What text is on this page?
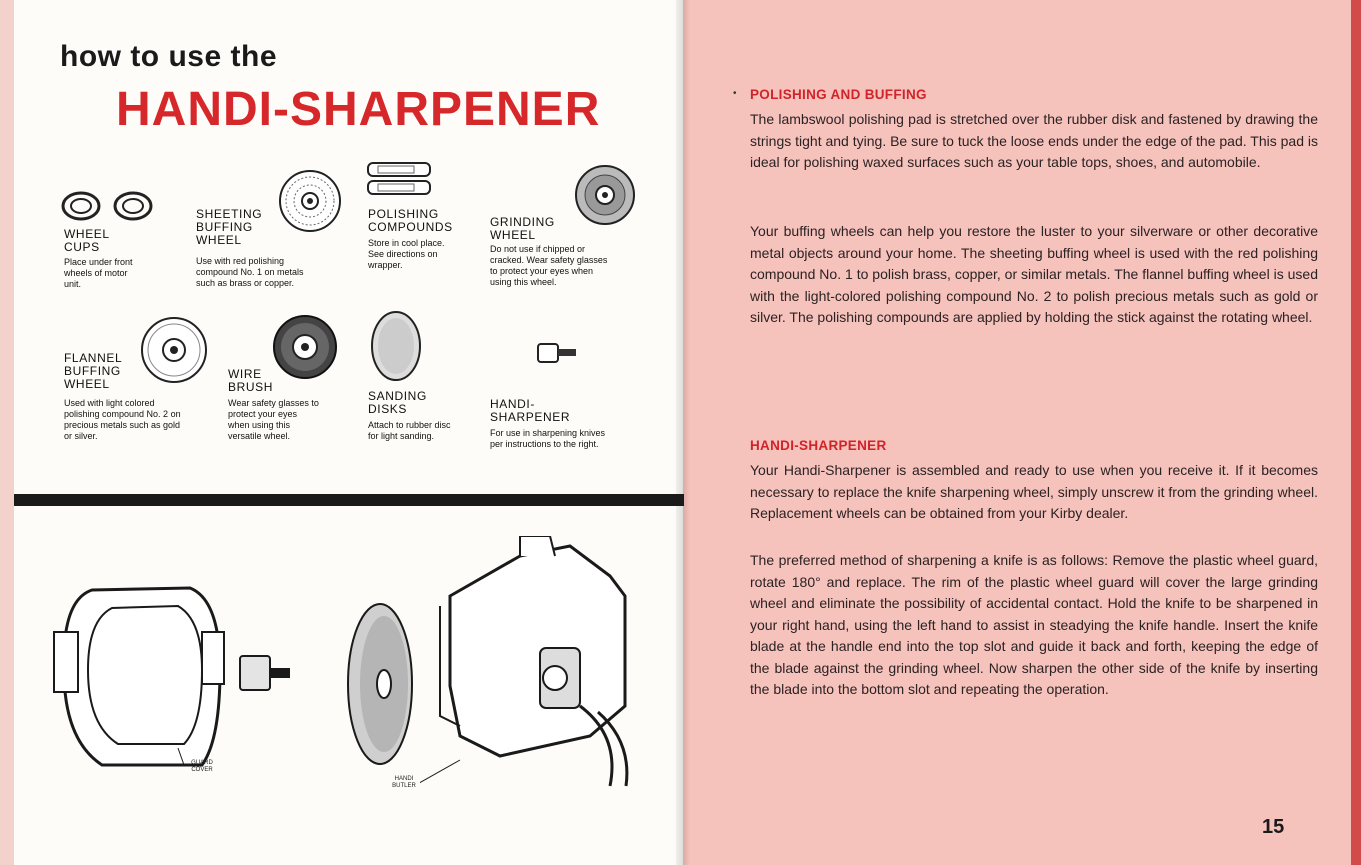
how to use the
HANDI-SHARPENER
WHEEL
CUPS
Place under front wheels of motor unit.
SHEETING
BUFFING
WHEEL
Use with red polishing compound No. 1 on metals such as brass or copper.
POLISHING
COMPOUNDS
Store in cool place. See directions on wrapper.
GRINDING
WHEEL
Do not use if chipped or cracked. Wear safety glasses to protect your eyes when using this wheel.
FLANNEL
BUFFING
WHEEL
Used with light colored polishing compound No. 2 on precious metals such as gold or silver.
WIRE
BRUSH
Wear safety glasses to protect your eyes when using this versatile wheel.
SANDING
DISKS
Attach to rubber disc for light sanding.
HANDI-
SHARPENER
For use in sharpening knives per instructions to the right.
GUARD
COVER
HANDI
BUTLER
• POLISHING AND BUFFING

The lambswool polishing pad is stretched over the rubber disk and fastened by drawing the strings tight and tying. Be sure to tuck the loose ends under the edge of the pad. This pad is ideal for polishing waxed surfaces such as your table tops, shoes, and automobile.

Your buffing wheels can help you restore the luster to your silverware or other decorative metal objects around your home. The sheeting buffing wheel is used with the red polishing compound No. 1 to polish brass, copper, or similar metals. The flannel buffing wheel is used with the light-colored polishing compound No. 2 to polish precious metals such as gold or silver. The polishing compounds are applied by holding the stick against the rotating wheel.

HANDI-SHARPENER

Your Handi-Sharpener is assembled and ready to use when you receive it. If it becomes necessary to replace the knife sharpening wheel, simply unscrew it from the grinding wheel. Replacement wheels can be obtained from your Kirby dealer.

The preferred method of sharpening a knife is as follows: Remove the plastic wheel guard, rotate 180° and replace. The rim of the plastic wheel guard will cover the large grinding wheel and eliminate the possibility of accidental contact. Hold the knife to be sharpened in your right hand, using the left hand to assist in steadying the knife handle. Insert the knife blade at the handle end into the top slot and guide it back and forth, keeping the edge of the blade against the grinding wheel. Now sharpen the other side of the knife by inserting the blade into the bottom slot and repeating the operation.

15
